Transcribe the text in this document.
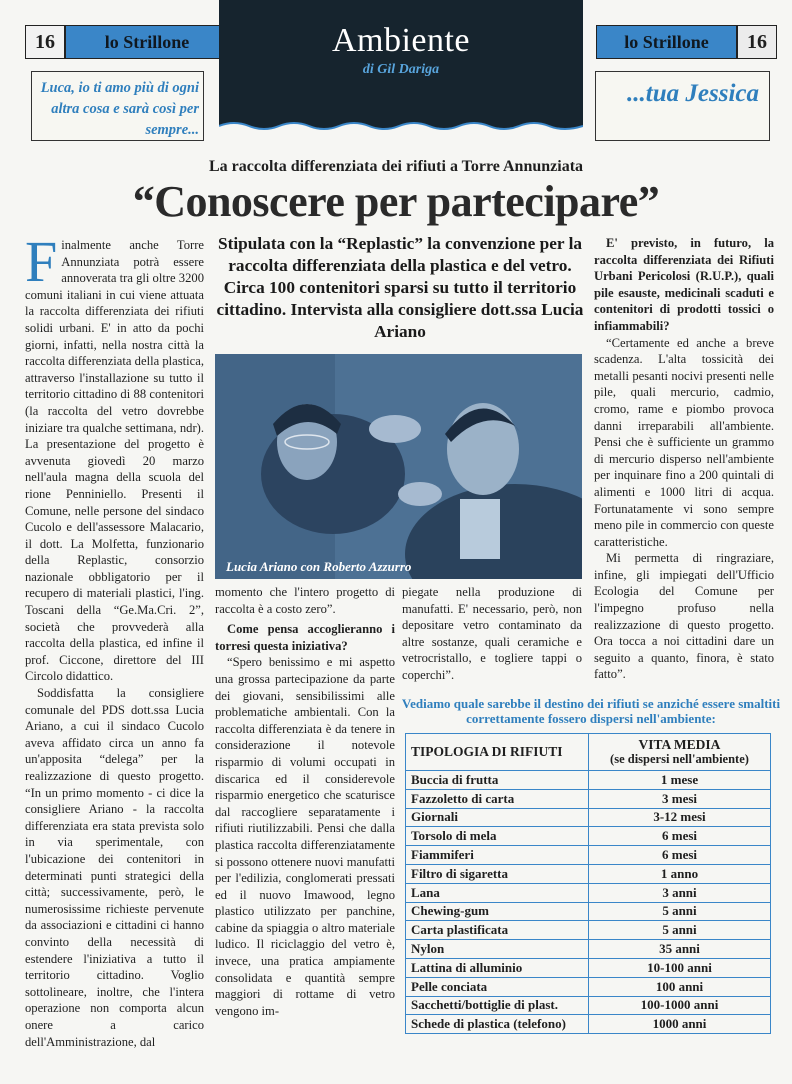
16	lo Strillone	lo Strillone	16
Luca, io ti amo più di ogni altra cosa e sarà così per sempre...
...tua Jessica
Ambiente
di Gil Dariga
La raccolta differenziata dei rifiuti a Torre Annunziata
“Conoscere per partecipare”

Finalmente anche Torre Annunziata potrà essere annoverata tra gli oltre 3200 comuni italiani in cui viene attuata la raccolta differenziata dei rifiuti solidi urbani. E' in atto da pochi giorni, infatti, nella nostra città la raccolta differenziata della plastica, attraverso l'installazione su tutto il territorio cittadino di 88 contenitori (la raccolta del vetro dovrebbe iniziare tra qualche settimana, ndr). La presentazione del progetto è avvenuta giovedì 20 marzo nell'aula magna della scuola del rione Penniniello. Presenti il Comune, nelle persone del sindaco Cucolo e dell'assessore Malacario, il dott. La Molfetta, funzionario della Replastic, consorzio nazionale obbligatorio per il recupero di materiali plastici, l'ing. Toscani della “Ge.Ma.Cri. 2”, società che provvederà alla raccolta della plastica, ed infine il prof. Ciccone, direttore del III Circolo didattico.

Soddisfatta la consigliere comunale del PDS dott.ssa Lucia Ariano, a cui il sindaco Cucolo aveva affidato circa un anno fa un'apposita “delega” per la realizzazione di questo progetto. “In un primo momento - ci dice la consigliere Ariano - la raccolta differenziata era stata prevista solo in via sperimentale, con l'ubicazione dei contenitori in determinati punti strategici della città; successivamente, però, le numerosissime richieste pervenute da associazioni e cittadini ci hanno convinto della necessità di estendere l'iniziativa a tutto il territorio cittadino. Voglio sottolineare, inoltre, che l'intera operazione non comporta alcun onere a carico dell'Amministrazione, dal

Stipulata con la “Replastic” la convenzione per la raccolta differenziata della plastica e del vetro. Circa 100 contenitori sparsi su tutto il territorio cittadino. Intervista alla consigliere dott.ssa Lucia Ariano
Lucia Ariano con Roberto Azzurro

momento che l'intero progetto di raccolta è a costo zero”.

Come pensa accoglieranno i torresi questa iniziativa?

“Spero benissimo e mi aspetto una grossa partecipazione da parte dei giovani, sensibilissimi alle problematiche ambientali. Con la raccolta differenziata è da tenere in considerazione il notevole risparmio di volumi occupati in discarica ed il considerevole risparmio energetico che scaturisce dal raccogliere separatamente i rifiuti riutilizzabili. Pensi che dalla plastica raccolta differenziatamente si possono ottenere nuovi manufatti per l'edilizia, conglomerati pressati ed il nuovo Imawood, legno plastico utilizzato per panchine, cabine da spiaggia o altro materiale ludico. Il riciclaggio del vetro è, invece, una pratica ampiamente consolidata e quantità sempre maggiori di rottame di vetro vengono im-

piegate nella produzione di manufatti. E' necessario, però, non depositare vetro contaminato da altre sostanze, quali ceramiche e vetrocristallo, e togliere tappi o coperchi”.

E' previsto, in futuro, la raccolta differenziata dei Rifiuti Urbani Pericolosi (R.U.P.), quali pile esauste, medicinali scaduti e contenitori di prodotti tossici o infiammabili?

“Certamente ed anche a breve scadenza. L'alta tossicità dei metalli pesanti nocivi presenti nelle pile, quali mercurio, cadmio, cromo, rame e piombo provoca danni irreparabili all'ambiente. Pensi che è sufficiente un grammo di mercurio disperso nell'ambiente per inquinare fino a 200 quintali di alimenti e 1000 litri di acqua. Fortunatamente vi sono sempre meno pile in commercio con queste caratteristiche.

Mi permetta di ringraziare, infine, gli impiegati dell'Ufficio Ecologia del Comune per l'impegno profuso nella realizzazione di questo progetto. Ora tocca a noi cittadini dare un seguito a quanto, finora, è stato fatto”.

Vediamo quale sarebbe il destino dei rifiuti se anziché essere smaltiti correttamente fossero dispersi nell'ambiente:
TIPOLOGIA DI RIFIUTI	VITA MEDIA
(se dispersi nell'ambiente)

Buccia di frutta	1 mese
Fazzoletto di carta	3 mesi
Giornali	3-12 mesi
Torsolo di mela	6 mesi
Fiammiferi	6 mesi
Filtro di sigaretta	1 anno
Lana	3 anni
Chewing-gum	5 anni
Carta plastificata	5 anni
Nylon	35 anni
Lattina di alluminio	10-100 anni
Pelle conciata	100 anni
Sacchetti/bottiglie di plast.	100-1000 anni
Schede di plastica (telefono)	1000 anni
